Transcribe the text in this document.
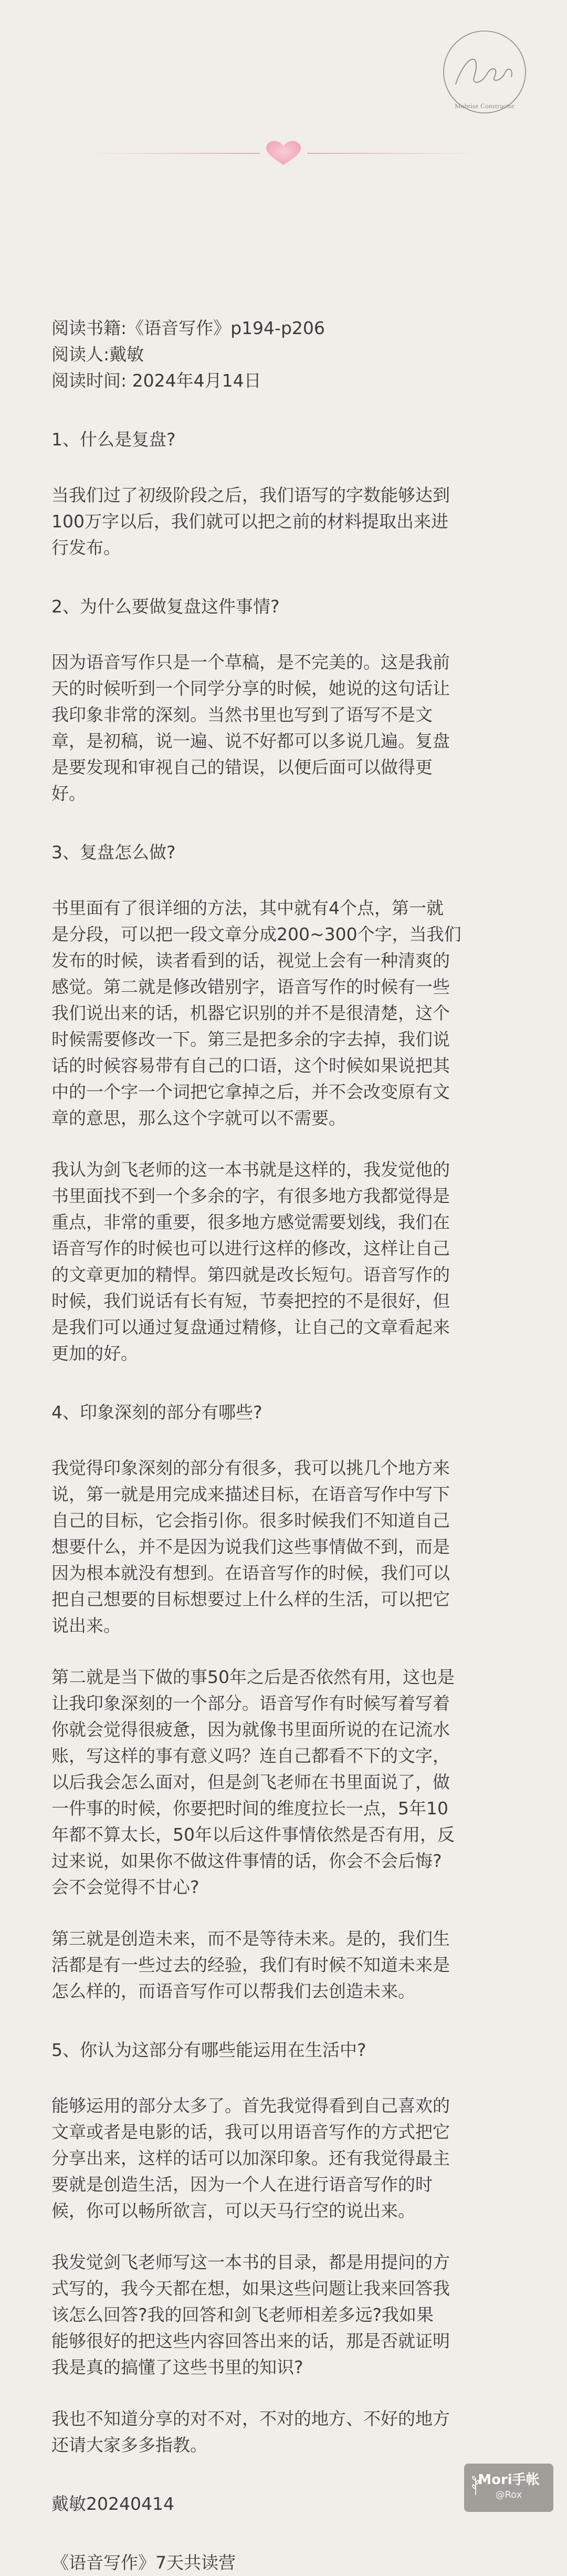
Mobrise Constructor

阅读书籍:《语音写作》p194-p206

阅读人:戴敏

阅读时间: 2024年4月14日

1、什么是复盘?

当我们过了初级阶段之后，我们语写的字数能够达到
100万字以后，我们就可以把之前的材料提取出来进
行发布。

2、为什么要做复盘这件事情?

因为语音写作只是一个草稿，是不完美的。这是我前
天的时候听到一个同学分享的时候，她说的这句话让
我印象非常的深刻。当然书里也写到了语写不是文
章，是初稿，说一遍、说不好都可以多说几遍。复盘
是要发现和审视自己的错误，以便后面可以做得更
好。

3、复盘怎么做?

书里面有了很详细的方法，其中就有4个点，第一就
是分段，可以把一段文章分成200~300个字，当我们
发布的时候，读者看到的话，视觉上会有一种清爽的
感觉。第二就是修改错别字，语音写作的时候有一些
我们说出来的话，机器它识别的并不是很清楚，这个
时候需要修改一下。第三是把多余的字去掉，我们说
话的时候容易带有自己的口语，这个时候如果说把其
中的一个字一个词把它拿掉之后，并不会改变原有文
章的意思，那么这个字就可以不需要。
我认为剑飞老师的这一本书就是这样的，我发觉他的
书里面找不到一个多余的字，有很多地方我都觉得是
重点，非常的重要，很多地方感觉需要划线，我们在
语音写作的时候也可以进行这样的修改，这样让自己
的文章更加的精悍。第四就是改长短句。语音写作的
时候，我们说话有长有短，节奏把控的不是很好，但
是我们可以通过复盘通过精修，让自己的文章看起来
更加的好。

4、印象深刻的部分有哪些?

我觉得印象深刻的部分有很多，我可以挑几个地方来
说，第一就是用完成来描述目标，在语音写作中写下
自己的目标，它会指引你。很多时候我们不知道自己
想要什么，并不是因为说我们这些事情做不到，而是
因为根本就没有想到。在语音写作的时候，我们可以
把自己想要的目标想要过上什么样的生活，可以把它
说出来。
第二就是当下做的事50年之后是否依然有用，这也是
让我印象深刻的一个部分。语音写作有时候写着写着
你就会觉得很疲惫，因为就像书里面所说的在记流水
账，写这样的事有意义吗？连自己都看不下的文字，
以后我会怎么面对，但是剑飞老师在书里面说了，做
一件事的时候，你要把时间的维度拉长一点，5年10
年都不算太长，50年以后这件事情依然是否有用，反
过来说，如果你不做这件事情的话，你会不会后悔?
会不会觉得不甘心?
第三就是创造未来，而不是等待未来。是的，我们生
活都是有一些过去的经验，我们有时候不知道未来是
怎么样的，而语音写作可以帮我们去创造未来。

5、你认为这部分有哪些能运用在生活中?

能够运用的部分太多了。首先我觉得看到自己喜欢的
文章或者是电影的话，我可以用语音写作的方式把它
分享出来，这样的话可以加深印象。还有我觉得最主
要就是创造生活，因为一个人在进行语音写作的时
候，你可以畅所欲言，可以天马行空的说出来。
我发觉剑飞老师写这一本书的目录，都是用提问的方
式写的，我今天都在想，如果这些问题让我来回答我
该怎么回答?我的回答和剑飞老师相差多远?我如果
能够很好的把这些内容回答出来的话，那是否就证明
我是真的搞懂了这些书里的知识?
我也不知道分享的对不对，不对的地方、不好的地方
还请大家多多指教。

戴敏20240414

《语音写作》7天共读营

Mori手帐
@Rox
